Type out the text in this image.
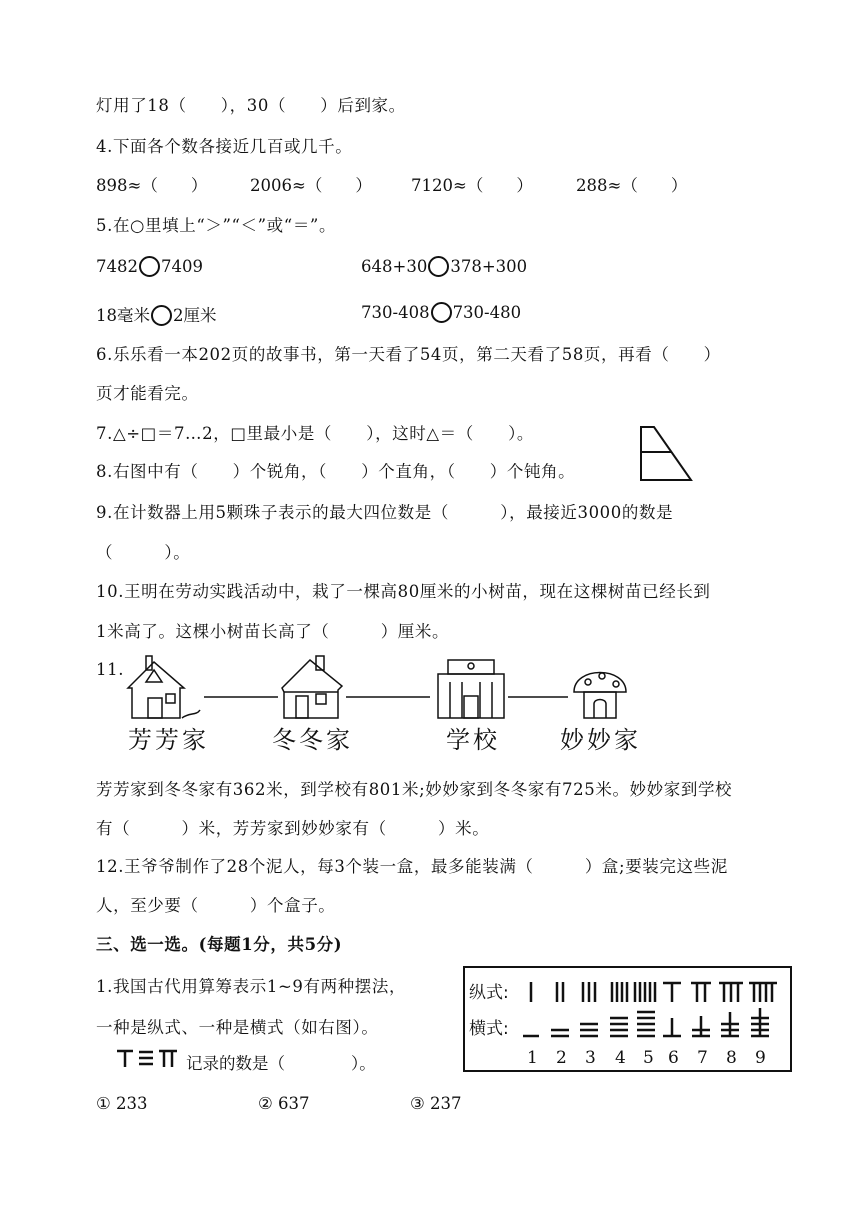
灯用了18（　　），30（　　）后到家。
4.下面各个数各接近几百或几千。
898≈（　　）	2006≈（　　） 7120≈（　　）	288≈（　　）
5.在○里填上“＞”“＜”或“＝”。
7482 7409	648+30 378+300
18毫米 2厘米	730-408 730-480
6.乐乐看一本202页的故事书，第一天看了54页，第二天看了58页，再看（　　）
页才能看完。
7.△÷□＝7…2，□里最小是（　　），这时△＝（　　）。
8.右图中有（　　）个锐角，（　　）个直角，（　　）个钝角。
9.在计数器上用5颗珠子表示的最大四位数是（　　　），最接近3000的数是
（　　　）。
10.王明在劳动实践活动中，栽了一棵高80厘米的小树苗，现在这棵树苗已经长到
1米高了。这棵小树苗长高了（　　　）厘米。
11.
芳芳家	冬冬家	学校	妙妙家
芳芳家到冬冬家有362米，到学校有801米;妙妙家到冬冬家有725米。妙妙家到学校
有（　　　）米，芳芳家到妙妙家有（　　　）米。
12.王爷爷制作了28个泥人，每3个装一盒，最多能装满（　　　）盒;要装完这些泥
人，至少要（　　　）个盒子。
三、选一选。(每题1分，共5分)
1.我国古代用算筹表示1~9有两种摆法，
一种是纵式、一种是横式（如右图）。
记录的数是（　　　　）。
① 233	② 637	③ 237
纵式:
横式:
1 2 3 4 5 6 7 8 9
